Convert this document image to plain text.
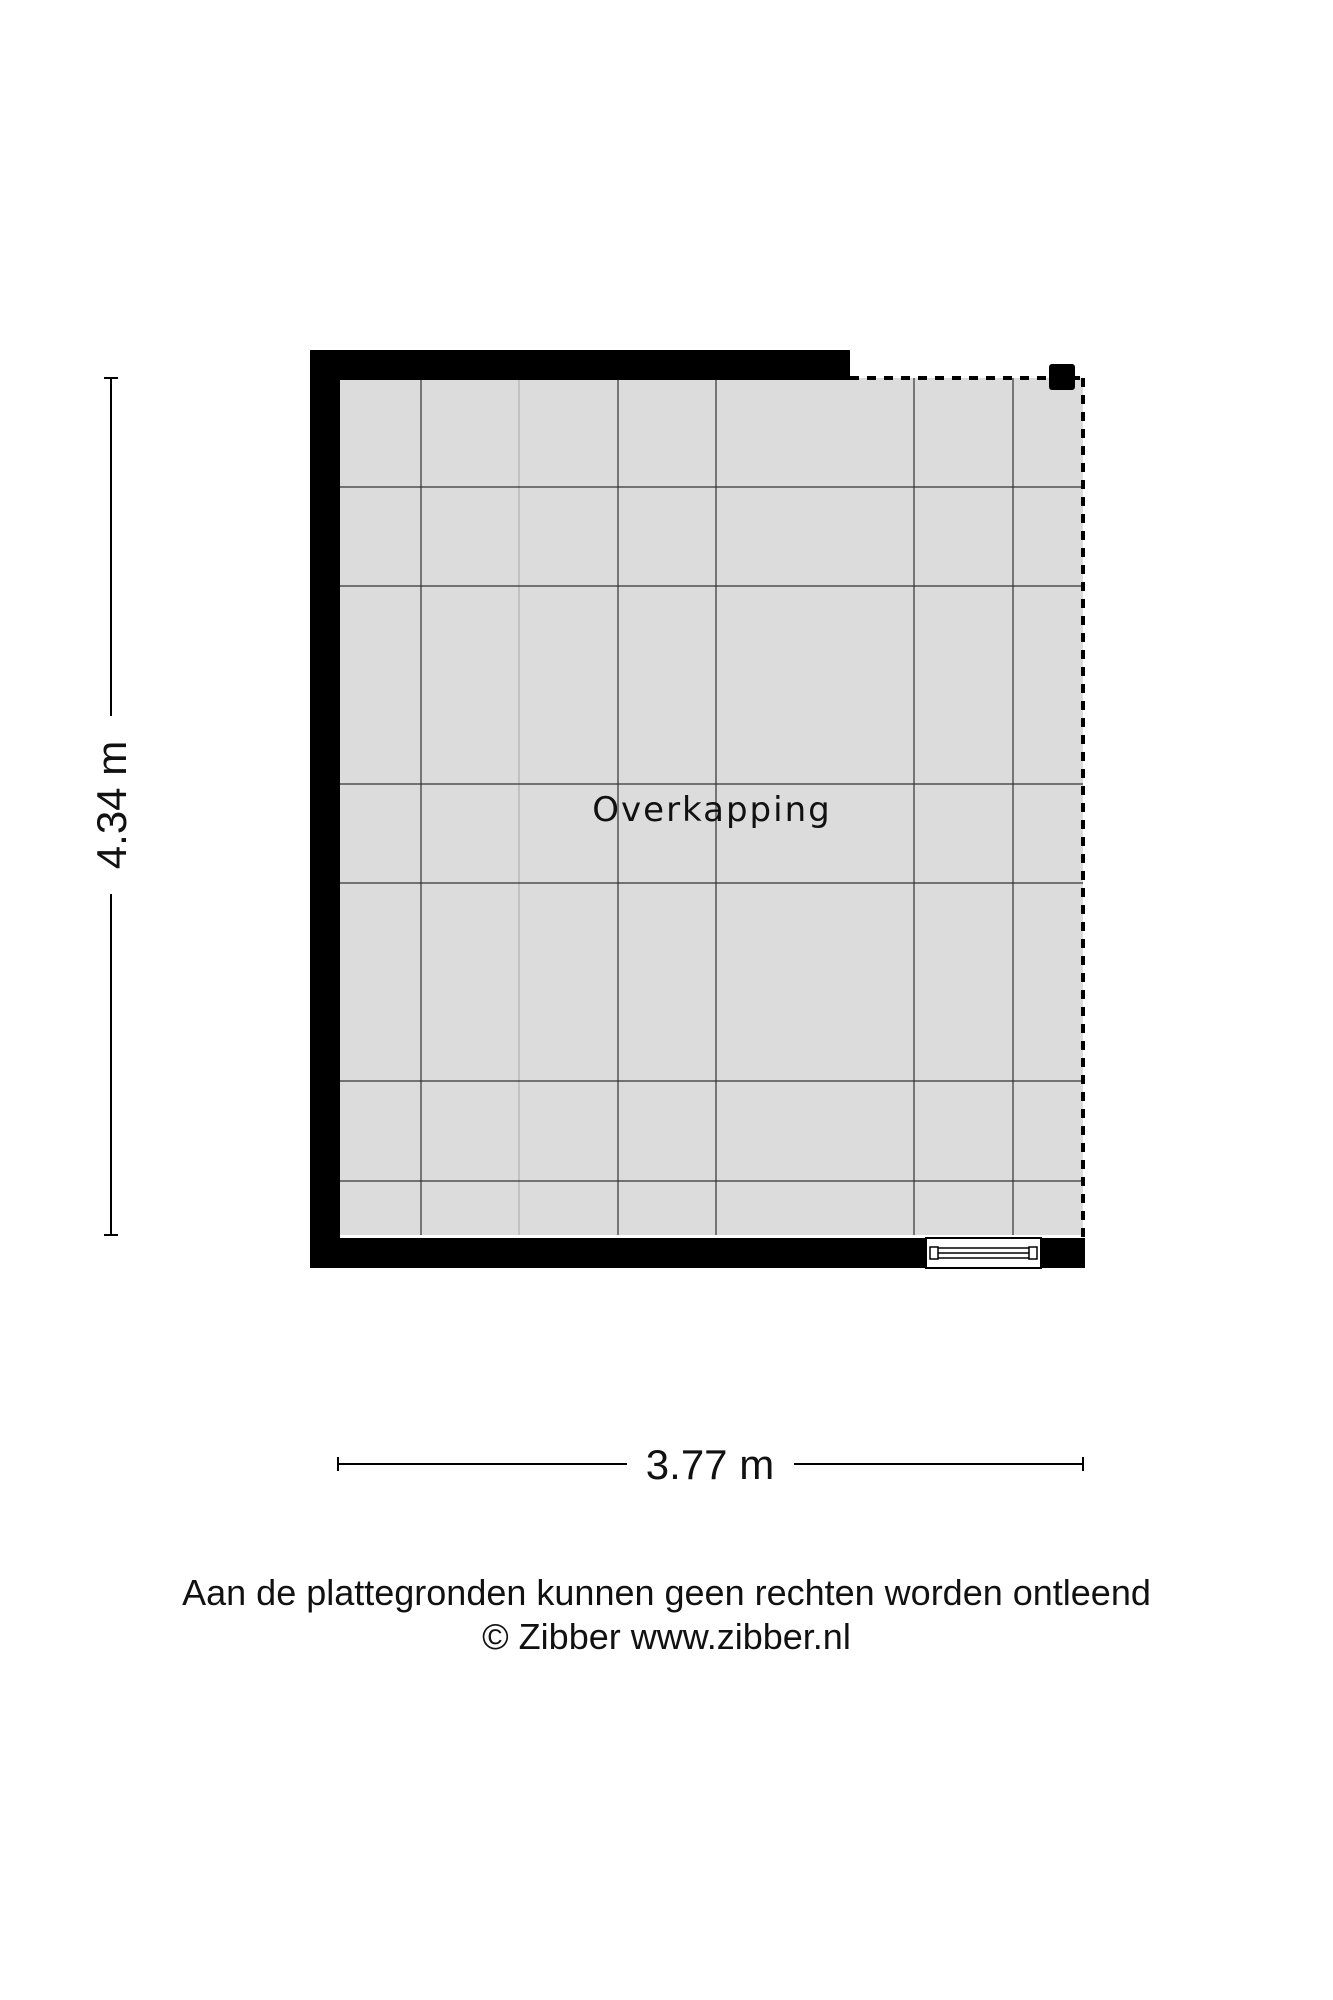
Overkapping
4.34 m
3.77 m
Aan de plattegronden kunnen geen rechten worden ontleend
© Zibber www.zibber.nl
